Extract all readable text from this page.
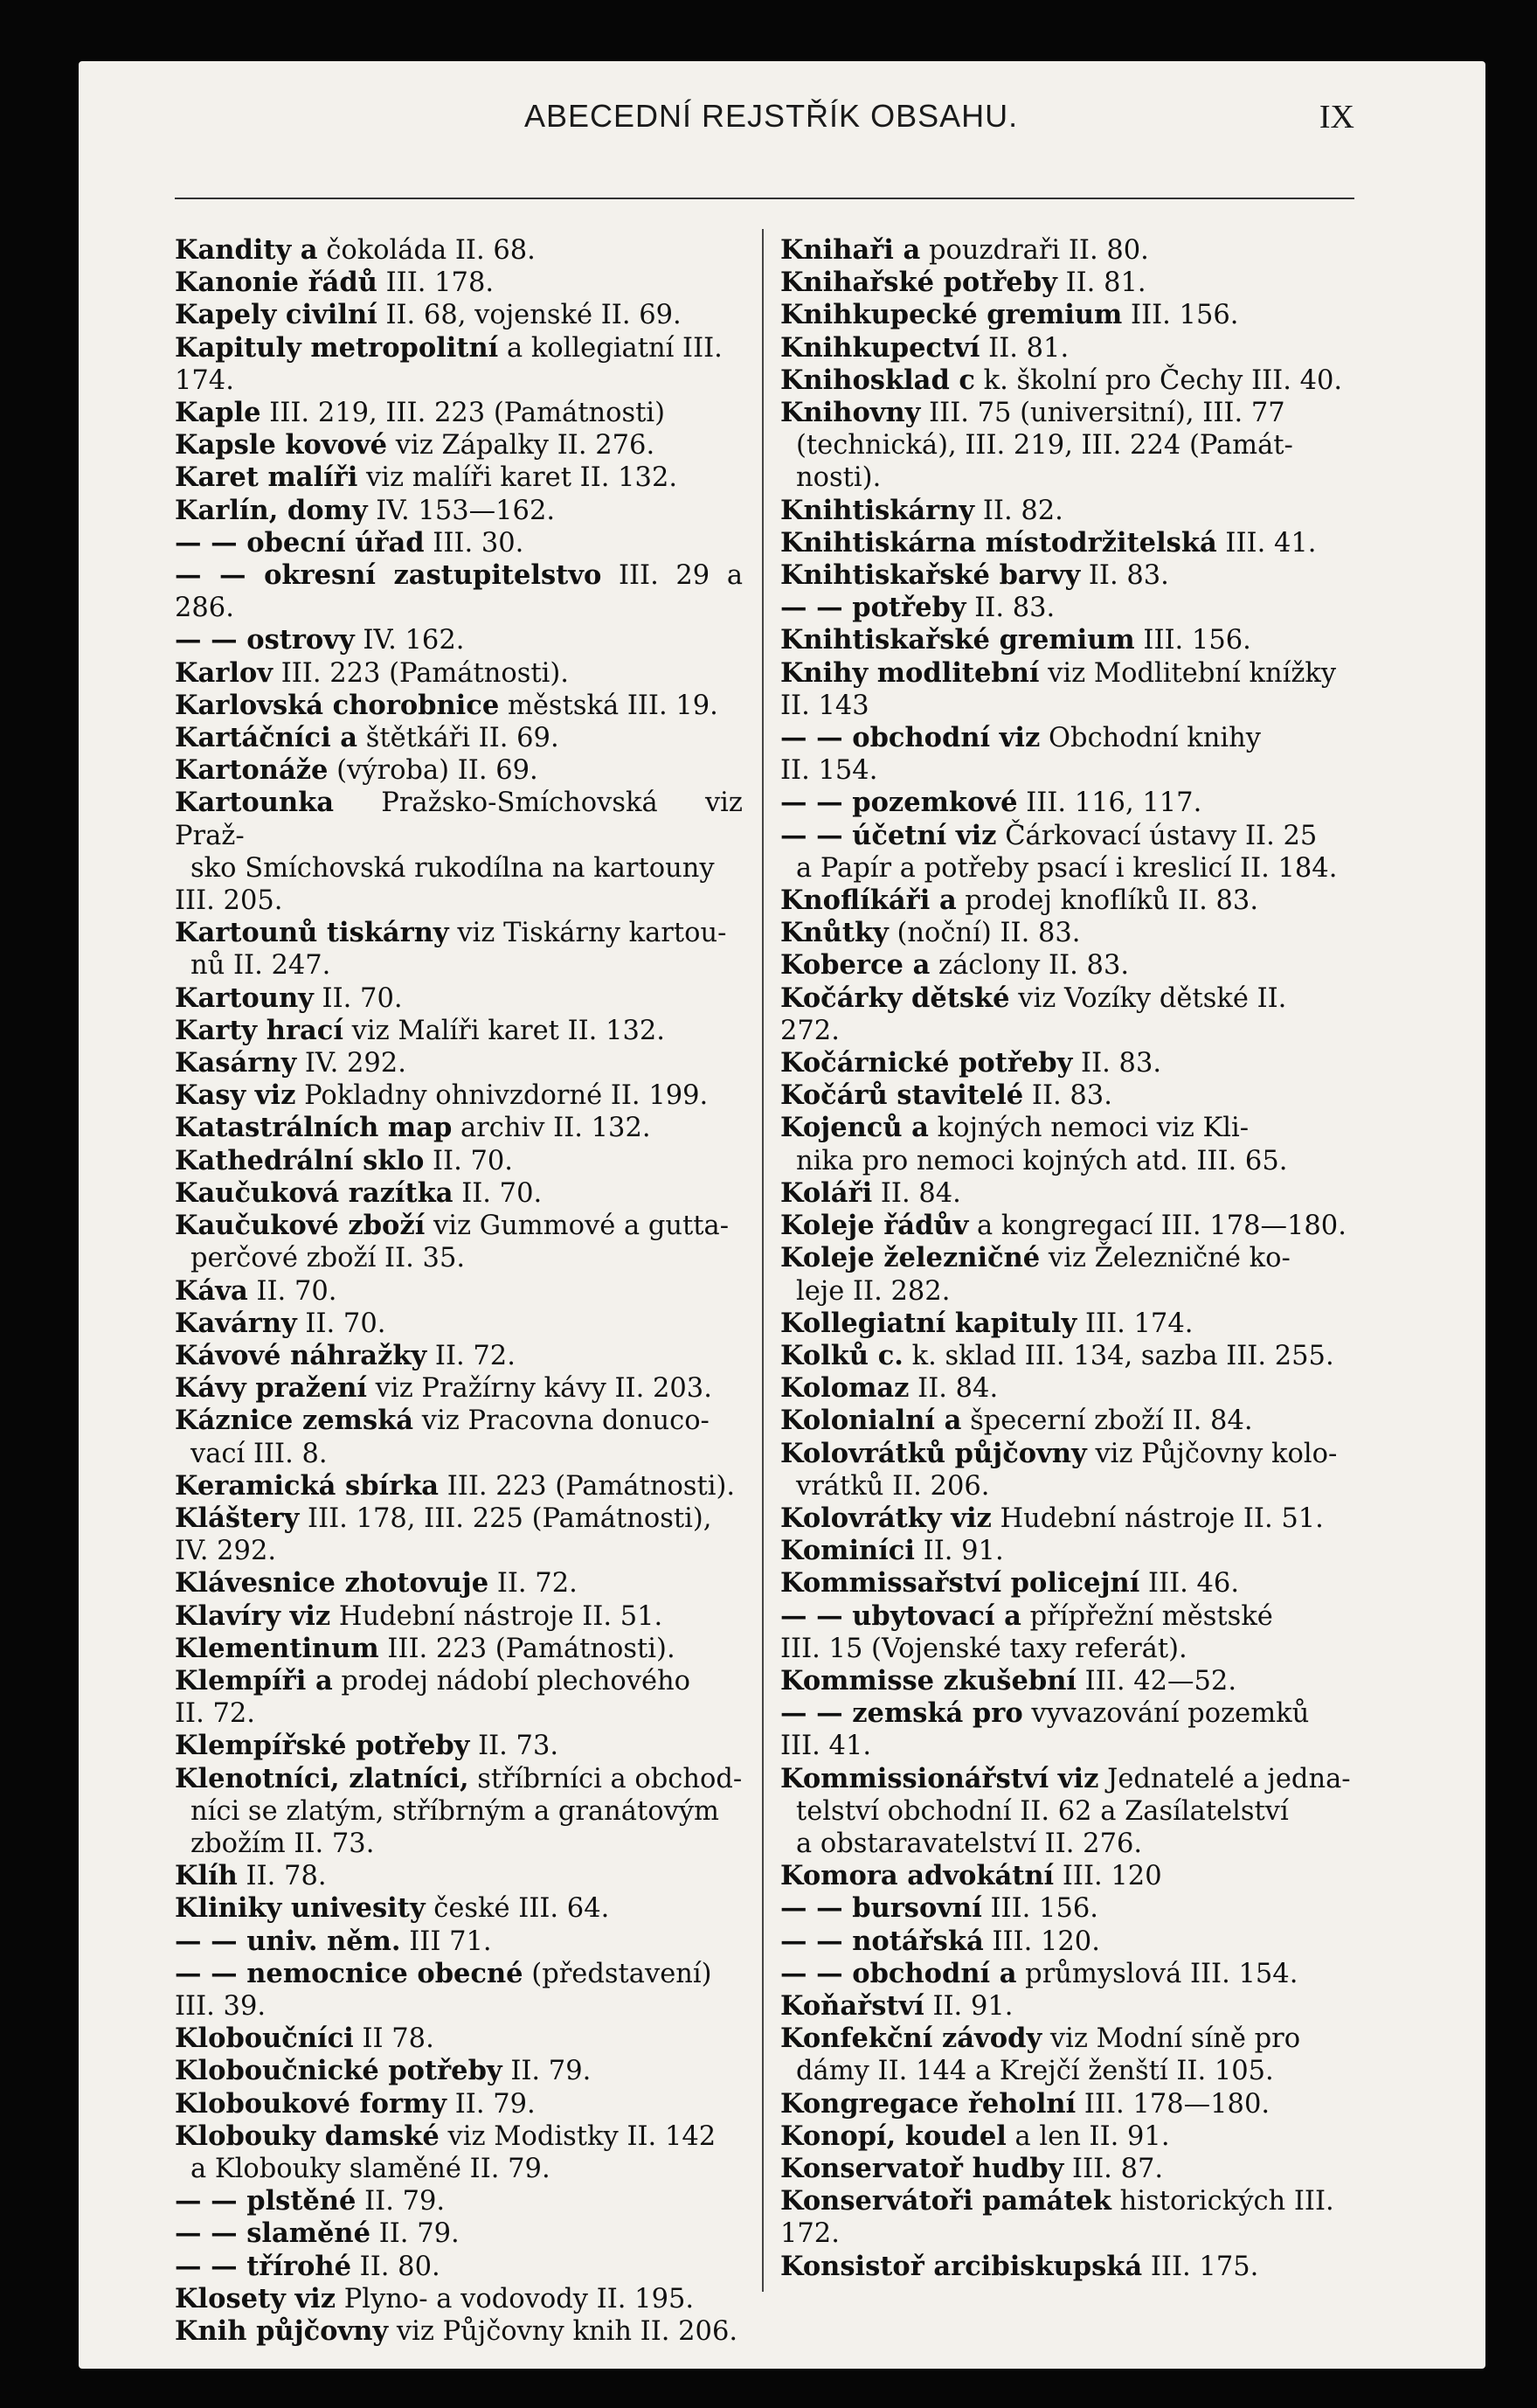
ABECEDNÍ REJSTŘÍK OBSAHU.	IX
Kandity a čokoláda II. 68.
Kanonie řádů III. 178.
Kapely civilní II. 68, vojenské II. 69.
Kapituly metropolitní a kollegiatní III.
174.
Kaple III. 219, III. 223 (Památnosti)
Kapsle kovové viz Zápalky II. 276.
Karet malíři viz malíři karet II. 132.
Karlín, domy IV. 153—162.
— — obecní úřad III. 30.
— — okresní zastupitelstvo III. 29 a 286.
— — ostrovy IV. 162.
Karlov III. 223 (Památnosti).
Karlovská chorobnice městská III. 19.
Kartáčníci a štětkáři II. 69.
Kartonáže (výroba) II. 69.
Kartounka Pražsko-Smíchovská viz Praž-
sko Smíchovská rukodílna na kartouny
III. 205.
Kartounů tiskárny viz Tiskárny kartou-
nů II. 247.
Kartouny II. 70.
Karty hrací viz Malíři karet II. 132.
Kasárny IV. 292.
Kasy viz Pokladny ohnivzdorné II. 199.
Katastrálních map archiv II. 132.
Kathedrální sklo II. 70.
Kaučuková razítka II. 70.
Kaučukové zboží viz Gummové a gutta-
perčové zboží II. 35.
Káva II. 70.
Kavárny II. 70.
Kávové náhražky II. 72.
Kávy pražení viz Pražírny kávy II. 203.
Káznice zemská viz Pracovna donuco-
vací III. 8.
Keramická sbírka III. 223 (Památnosti).
Kláštery III. 178, III. 225 (Památnosti),
IV. 292.
Klávesnice zhotovuje II. 72.
Klavíry viz Hudební nástroje II. 51.
Klementinum III. 223 (Památnosti).
Klempíři a prodej nádobí plechového
II. 72.
Klempířské potřeby II. 73.
Klenotníci, zlatníci, stříbrníci a obchod-
níci se zlatým, stříbrným a granátovým
zbožím II. 73.
Klíh II. 78.
Kliniky univesity české III. 64.
— — univ. něm. III 71.
— — nemocnice obecné (představení)
III. 39.
Kloboučníci II 78.
Kloboučnické potřeby II. 79.
Kloboukové formy II. 79.
Klobouky damské viz Modistky II. 142
a Klobouky slaměné II. 79.
— — plstěné II. 79.
— — slaměné II. 79.
— — třírohé II. 80.
Klosety viz Plyno- a vodovody II. 195.
Knih půjčovny viz Půjčovny knih II. 206.
Knihaři a pouzdraři II. 80.
Knihařské potřeby II. 81.
Knihkupecké gremium III. 156.
Knihkupectví II. 81.
Knihosklad c k. školní pro Čechy III. 40.
Knihovny III. 75 (universitní), III. 77
(technická), III. 219, III. 224 (Památ-
nosti).
Knihtiskárny II. 82.
Knihtiskárna místodržitelská III. 41.
Knihtiskařské barvy II. 83.
— — potřeby II. 83.
Knihtiskařské gremium III. 156.
Knihy modlitební viz Modlitební knížky
II. 143
— — obchodní viz Obchodní knihy
II. 154.
— — pozemkové III. 116, 117.
— — účetní viz Čárkovací ústavy II. 25
a Papír a potřeby psací i kreslicí II. 184.
Knoflíkáři a prodej knoflíků II. 83.
Knůtky (noční) II. 83.
Koberce a záclony II. 83.
Kočárky dětské viz Vozíky dětské II.
272.
Kočárnické potřeby II. 83.
Kočárů stavitelé II. 83.
Kojenců a kojných nemoci viz Kli-
nika pro nemoci kojných atd. III. 65.
Koláři II. 84.
Koleje řádův a kongregací III. 178—180.
Koleje železničné viz Železničné ko-
leje II. 282.
Kollegiatní kapituly III. 174.
Kolků c. k. sklad III. 134, sazba III. 255.
Kolomaz II. 84.
Kolonialní a špecerní zboží II. 84.
Kolovrátků půjčovny viz Půjčovny kolo-
vrátků II. 206.
Kolovrátky viz Hudební nástroje II. 51.
Kominíci II. 91.
Kommissařství policejní III. 46.
— — ubytovací a přípřežní městské
III. 15 (Vojenské taxy referát).
Kommisse zkušební III. 42—52.
— — zemská pro vyvazování pozemků
III. 41.
Kommissionářství viz Jednatelé a jedna-
telství obchodní II. 62 a Zasílatelství
a obstaravatelství II. 276.
Komora advokátní III. 120
— — bursovní III. 156.
— — notářská III. 120.
— — obchodní a průmyslová III. 154.
Koňařství II. 91.
Konfekční závody viz Modní síně pro
dámy II. 144 a Krejčí ženští II. 105.
Kongregace řeholní III. 178—180.
Konopí, koudel a len II. 91.
Konservatoř hudby III. 87.
Konservátoři památek historických III.
172.
Konsistoř arcibiskupská III. 175.
